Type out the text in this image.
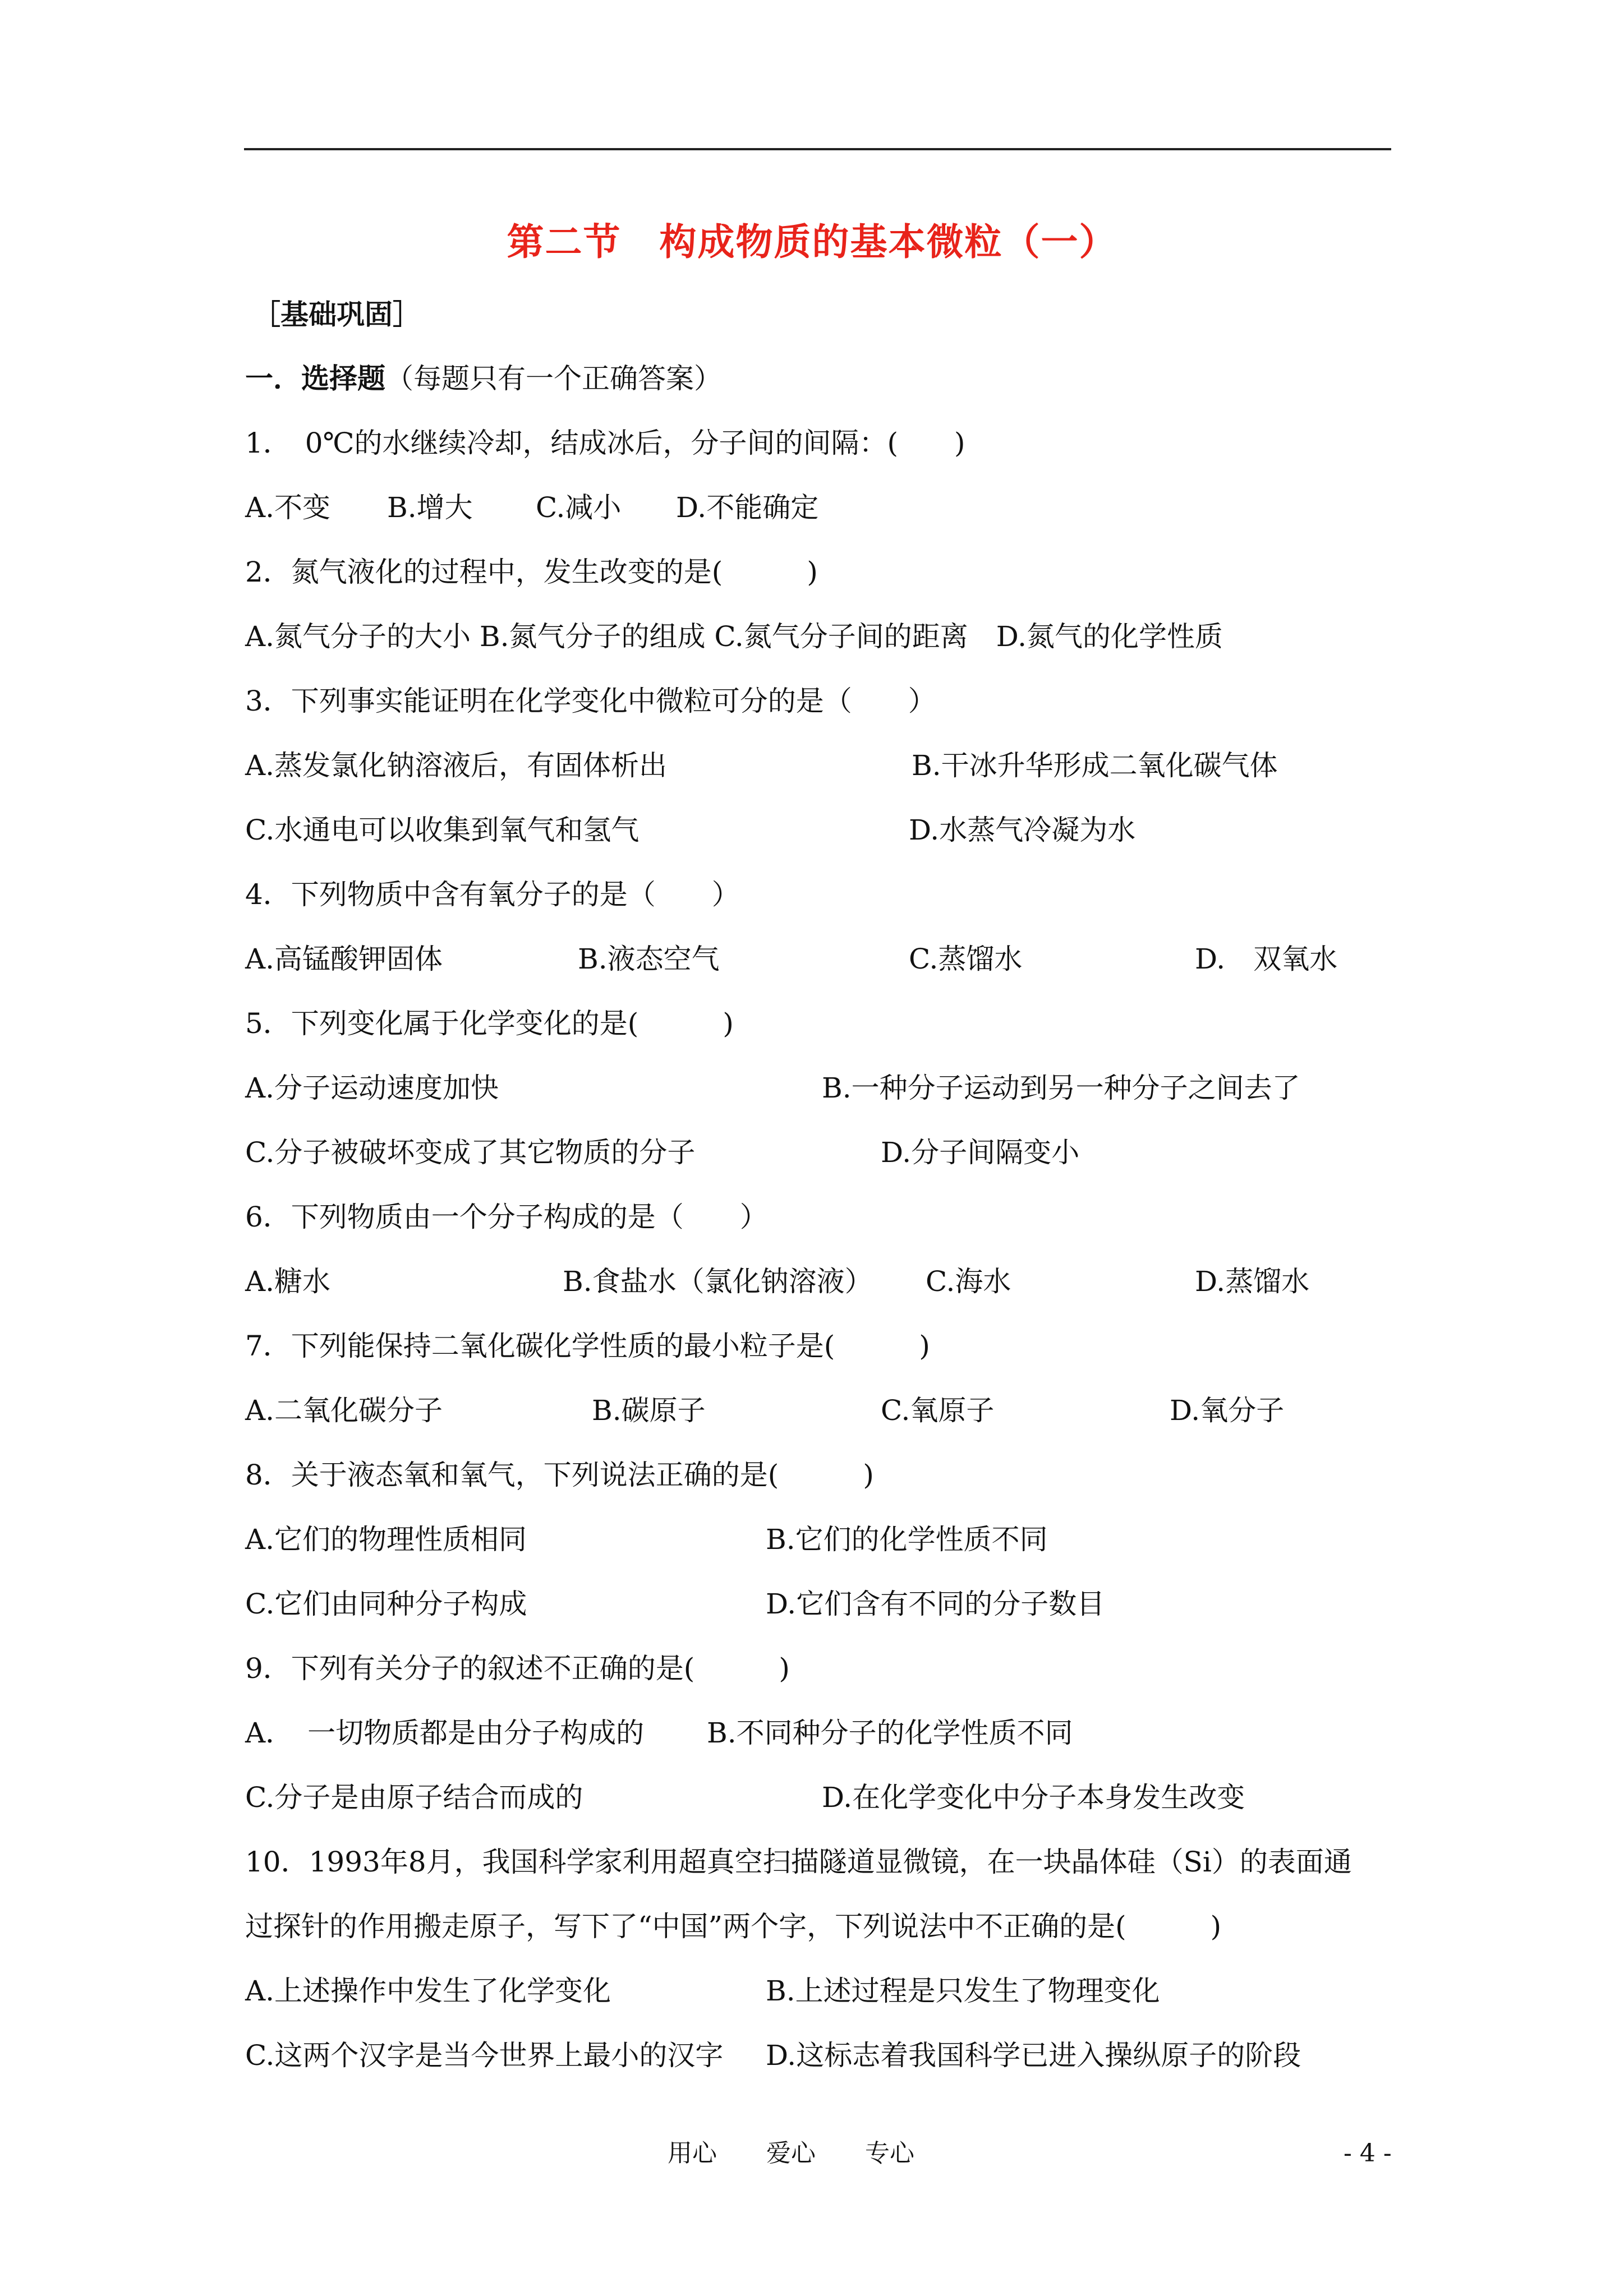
第二节　构成物质的基本微粒（一）
［基础巩固］
一．选择题（每题只有一个正确答案）
1．　0℃的水继续冷却，结成冰后，分子间的间隔：(　　)
A.不变 B.增大 C.减小 D.不能确定
2．氮气液化的过程中，发生改变的是(　　　)
A.氮气分子的大小 B.氮气分子的组成 C.氮气分子间的距离　D.氮气的化学性质
3．下列事实能证明在化学变化中微粒可分的是（　　）
A.蒸发氯化钠溶液后，有固体析出	B.干冰升华形成二氧化碳气体
C.水通电可以收集到氧气和氢气	D.水蒸气冷凝为水
4．下列物质中含有氧分子的是（　　）
A.高锰酸钾固体	B.液态空气	C.蒸馏水	D.　双氧水
5．下列变化属于化学变化的是(　　　)
A.分子运动速度加快	B.一种分子运动到另一种分子之间去了
C.分子被破坏变成了其它物质的分子	D.分子间隔变小
6．下列物质由一个分子构成的是（　　）
A.糖水	B.食盐水（氯化钠溶液） C.海水	D.蒸馏水
7．下列能保持二氧化碳化学性质的最小粒子是(　　　)
A.二氧化碳分子	B.碳原子	C.氧原子	D.氧分子
8．关于液态氧和氧气，下列说法正确的是(　　　)
A.它们的物理性质相同	B.它们的化学性质不同
C.它们由同种分子构成	D.它们含有不同的分子数目
9．下列有关分子的叙述不正确的是(　　　)
A．　一切物质都是由分子构成的 B.不同种分子的化学性质不同
C.分子是由原子结合而成的	D.在化学变化中分子本身发生改变
10．1993年8月，我国科学家利用超真空扫描隧道显微镜，在一块晶体硅（Si）的表面通
过探针的作用搬走原子，写下了“中国”两个字，下列说法中不正确的是(　　　)
A.上述操作中发生了化学变化	B.上述过程是只发生了物理变化
C.这两个汉字是当今世界上最小的汉字 D.这标志着我国科学已进入操纵原子的阶段
用心　　爱心　　专心	- 4 -
